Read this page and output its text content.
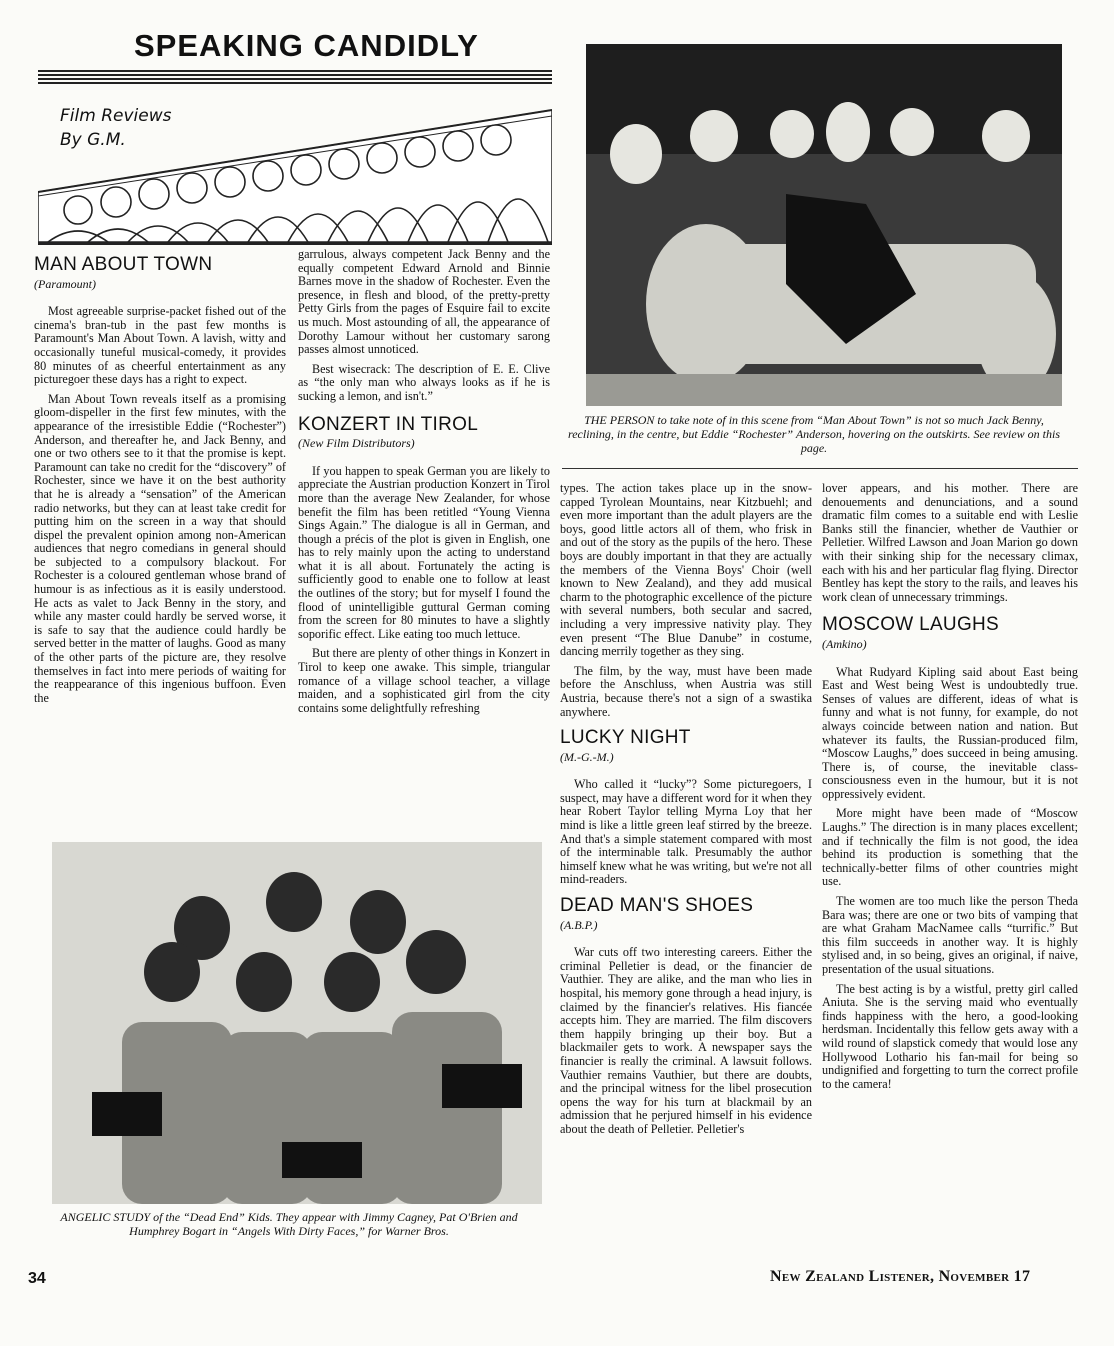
SPEAKING CANDIDLY
Film Reviews
By G.M.
MAN ABOUT TOWN
(Paramount)

Most agreeable surprise-packet fished out of the cinema's bran-tub in the past few months is Paramount's Man About Town. A lavish, witty and occasionally tuneful musical-comedy, it provides 80 minutes of as cheerful entertainment as any picturegoer these days has a right to expect.

Man About Town reveals itself as a promising gloom-dispeller in the first few minutes, with the appearance of the irresistible Eddie (“Rochester”) Anderson, and thereafter he, and Jack Benny, and one or two others see to it that the promise is kept. Paramount can take no credit for the “discovery” of Rochester, since we have it on the best authority that he is already a “sensation” of the American radio networks, but they can at least take credit for putting him on the screen in a way that should dispel the prevalent opinion among non-American audiences that negro comedians in general should be subjected to a compulsory blackout. For Rochester is a coloured gentleman whose brand of humour is as infectious as it is easily understood. He acts as valet to Jack Benny in the story, and while any master could hardly be served worse, it is safe to say that the audience could hardly be served better in the matter of laughs. Good as many of the other parts of the picture are, they resolve themselves in fact into mere periods of waiting for the reappearance of this ingenious buffoon. Even the

garrulous, always competent Jack Benny and the equally competent Edward Arnold and Binnie Barnes move in the shadow of Rochester. Even the presence, in flesh and blood, of the pretty-pretty Petty Girls from the pages of Esquire fail to excite us much. Most astounding of all, the appearance of Dorothy Lamour without her customary sarong passes almost unnoticed.

Best wisecrack: The description of E. E. Clive as “the only man who always looks as if he is sucking a lemon, and isn't.”

KONZERT IN TIROL
(New Film Distributors)

If you happen to speak German you are likely to appreciate the Austrian production Konzert in Tirol more than the average New Zealander, for whose benefit the film has been retitled “Young Vienna Sings Again.” The dialogue is all in German, and though a précis of the plot is given in English, one has to rely mainly upon the acting to understand what it is all about. Fortunately the acting is sufficiently good to enable one to follow at least the outlines of the story; but for myself I found the flood of unintelligible guttural German coming from the screen for 80 minutes to have a slightly soporific effect. Like eating too much lettuce.

But there are plenty of other things in Konzert in Tirol to keep one awake. This simple, triangular romance of a village school teacher, a village maiden, and a sophisticated girl from the city contains some delightfully refreshing

THE PERSON to take note of in this scene from “Man About Town” is not so much Jack Benny, reclining, in the centre, but Eddie “Rochester” Anderson, hovering on the outskirts. See review on this page.

types. The action takes place up in the snow-capped Tyrolean Mountains, near Kitzbuehl; and even more important than the adult players are the boys, good little actors all of them, who frisk in and out of the story as the pupils of the hero. These boys are doubly important in that they are actually the members of the Vienna Boys' Choir (well known to New Zealand), and they add musical charm to the photographic excellence of the picture with several numbers, both secular and sacred, including a very impressive nativity play. They even present “The Blue Danube” in costume, dancing merrily together as they sing.

The film, by the way, must have been made before the Anschluss, when Austria was still Austria, because there's not a sign of a swastika anywhere.

LUCKY NIGHT
(M.-G.-M.)

Who called it “lucky”? Some picturegoers, I suspect, may have a different word for it when they hear Robert Taylor telling Myrna Loy that her mind is like a little green leaf stirred by the breeze. And that's a simple statement compared with most of the interminable talk. Presumably the author himself knew what he was writing, but we're not all mind-readers.

DEAD MAN'S SHOES
(A.B.P.)

War cuts off two interesting careers. Either the criminal Pelletier is dead, or the financier de Vauthier. They are alike, and the man who lies in hospital, his memory gone through a head injury, is claimed by the financier's relatives. His fiancée accepts him. They are married. The film discovers them happily bringing up their boy. But a blackmailer gets to work. A newspaper says the financier is really the criminal. A lawsuit follows. Vauthier remains Vauthier, but there are doubts, and the principal witness for the libel prosecution opens the way for his turn at blackmail by an admission that he perjured himself in his evidence about the death of Pelletier. Pelletier's

lover appears, and his mother. There are denouements and denunciations, and a sound dramatic film comes to a suitable end with Leslie Banks still the financier, whether de Vauthier or Pelletier. Wilfred Lawson and Joan Marion go down with their sinking ship for the necessary climax, each with his and her particular flag flying. Director Bentley has kept the story to the rails, and leaves his work clean of unnecessary trimmings.

MOSCOW LAUGHS
(Amkino)

What Rudyard Kipling said about East being East and West being West is undoubtedly true. Senses of values are different, ideas of what is funny and what is not funny, for example, do not always coincide between nation and nation. But whatever its faults, the Russian-produced film, “Moscow Laughs,” does succeed in being amusing. There is, of course, the inevitable class-consciousness even in the humour, but it is not oppressively evident.

More might have been made of “Moscow Laughs.” The direction is in many places excellent; and if technically the film is not good, the idea behind its production is something that the technically-better films of other countries might use.

The women are too much like the person Theda Bara was; there are one or two bits of vamping that are what Graham MacNamee calls “turrific.” But this film succeeds in another way. It is highly stylised and, in so being, gives an original, if naive, presentation of the usual situations.

The best acting is by a wistful, pretty girl called Aniuta. She is the serving maid who eventually finds happiness with the hero, a good-looking herdsman. Incidentally this fellow gets away with a wild round of slapstick comedy that would lose any Hollywood Lothario his fan-mail for being so undignified and forgetting to turn the correct profile to the camera!

ANGELIC STUDY of the “Dead End” Kids. They appear with Jimmy Cagney, Pat O'Brien and Humphrey Bogart in “Angels With Dirty Faces,” for Warner Bros.
34	New Zealand Listener, November 17
